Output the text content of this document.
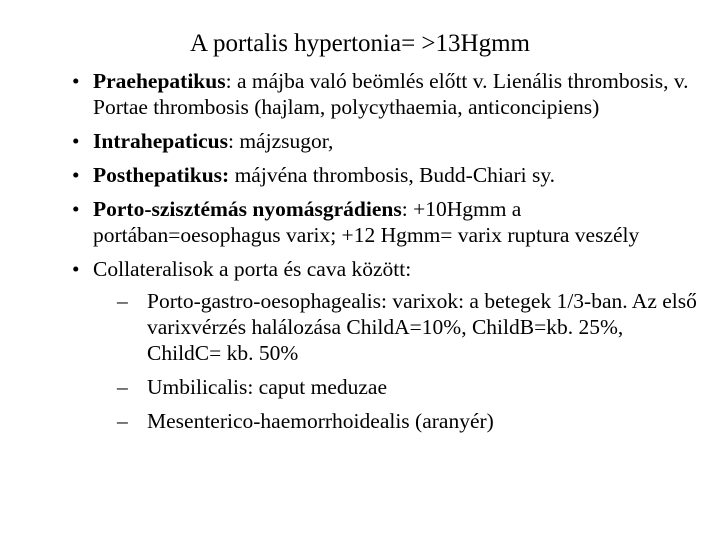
A portalis hypertonia= >13Hgmm
• Praehepatikus: a májba való beömlés előtt v. Lienális thrombosis, v. Portae thrombosis (hajlam, polycythaemia, anticoncipiens)
• Intrahepaticus: májzsugor,
• Posthepatikus: májvéna thrombosis, Budd-Chiari sy.
• Porto-szisztémás nyomásgrádiens: +10Hgmm a portában=oesophagus varix; +12 Hgmm= varix ruptura veszély
• Collateralisok a porta és cava között:
– Porto-gastro-oesophagealis: varixok: a betegek 1/3-ban. Az első varixvérzés halálozása ChildA=10%, ChildB=kb. 25%, ChildC= kb. 50%
– Umbilicalis: caput meduzae
– Mesenterico-haemorrhoidealis (aranyér)
